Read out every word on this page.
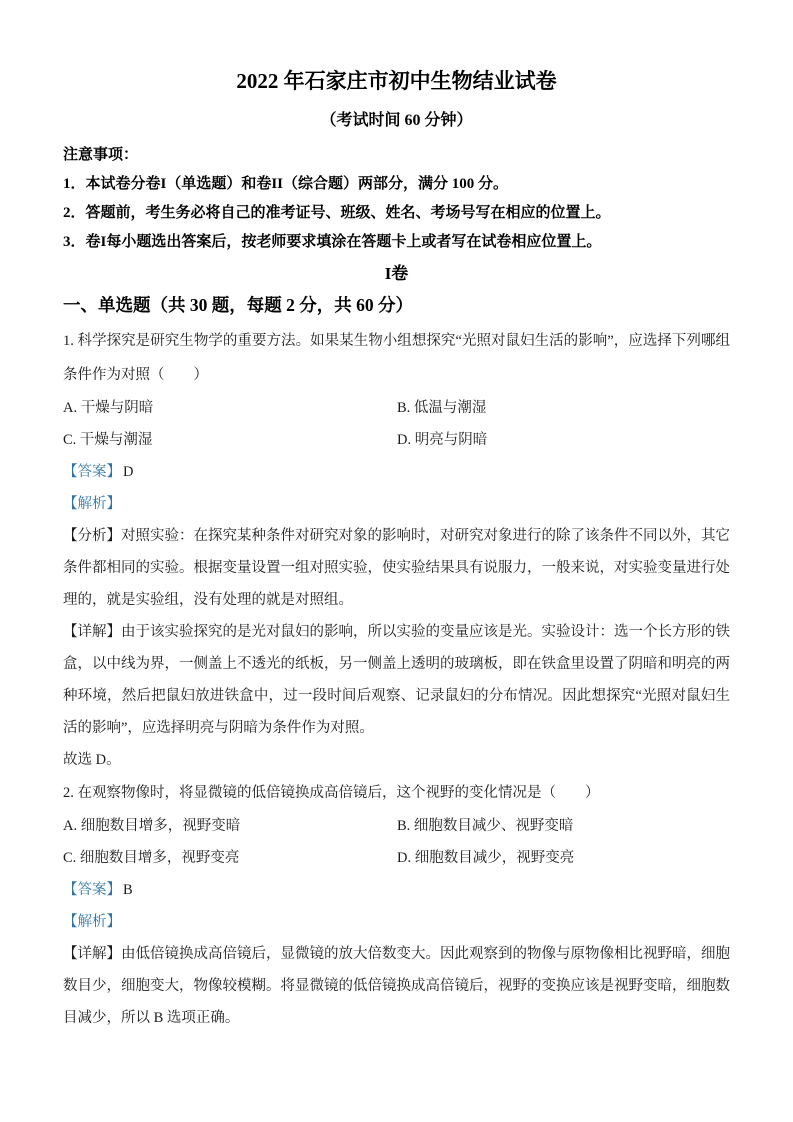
2022 年石家庄市初中生物结业试卷
（考试时间 60 分钟）
注意事项：
1．本试卷分卷I（单选题）和卷II（综合题）两部分，满分 100 分。
2．答题前，考生务必将自己的准考证号、班级、姓名、考场号写在相应的位置上。
3．卷I每小题选出答案后，按老师要求填涂在答题卡上或者写在试卷相应位置上。
I卷
一、单选题（共 30 题，每题 2 分，共 60 分）
1. 科学探究是研究生物学的重要方法。如果某生物小组想探究“光照对鼠妇生活的影响”，应选择下列哪组条件作为对照（　　）
A. 干燥与阴暗	B. 低温与潮湿
C. 干燥与潮湿	D. 明亮与阴暗
【答案】 D
【解析】
【分析】对照实验：在探究某种条件对研究对象的影响时，对研究对象进行的除了该条件不同以外，其它条件都相同的实验。根据变量设置一组对照实验，使实验结果具有说服力，一般来说，对实验变量进行处理的，就是实验组，没有处理的就是对照组。
【详解】由于该实验探究的是光对鼠妇的影响，所以实验的变量应该是光。实验设计：选一个长方形的铁盒，以中线为界，一侧盖上不透光的纸板，另一侧盖上透明的玻璃板，即在铁盒里设置了阴暗和明亮的两种环境，然后把鼠妇放进铁盒中，过一段时间后观察、记录鼠妇的分布情况。因此想探究“光照对鼠妇生活的影响”，应选择明亮与阴暗为条件作为对照。
故选 D。
2. 在观察物像时，将显微镜的低倍镜换成高倍镜后，这个视野的变化情况是（　　）
A. 细胞数目增多，视野变暗	B. 细胞数目减少、视野变暗
C. 细胞数目增多，视野变亮	D. 细胞数目减少，视野变亮
【答案】 B
【解析】
【详解】由低倍镜换成高倍镜后，显微镜的放大倍数变大。因此观察到的物像与原物像相比视野暗，细胞数目少，细胞变大，物像较模糊。将显微镜的低倍镜换成高倍镜后，视野的变换应该是视野变暗，细胞数目减少，所以 B 选项正确。
